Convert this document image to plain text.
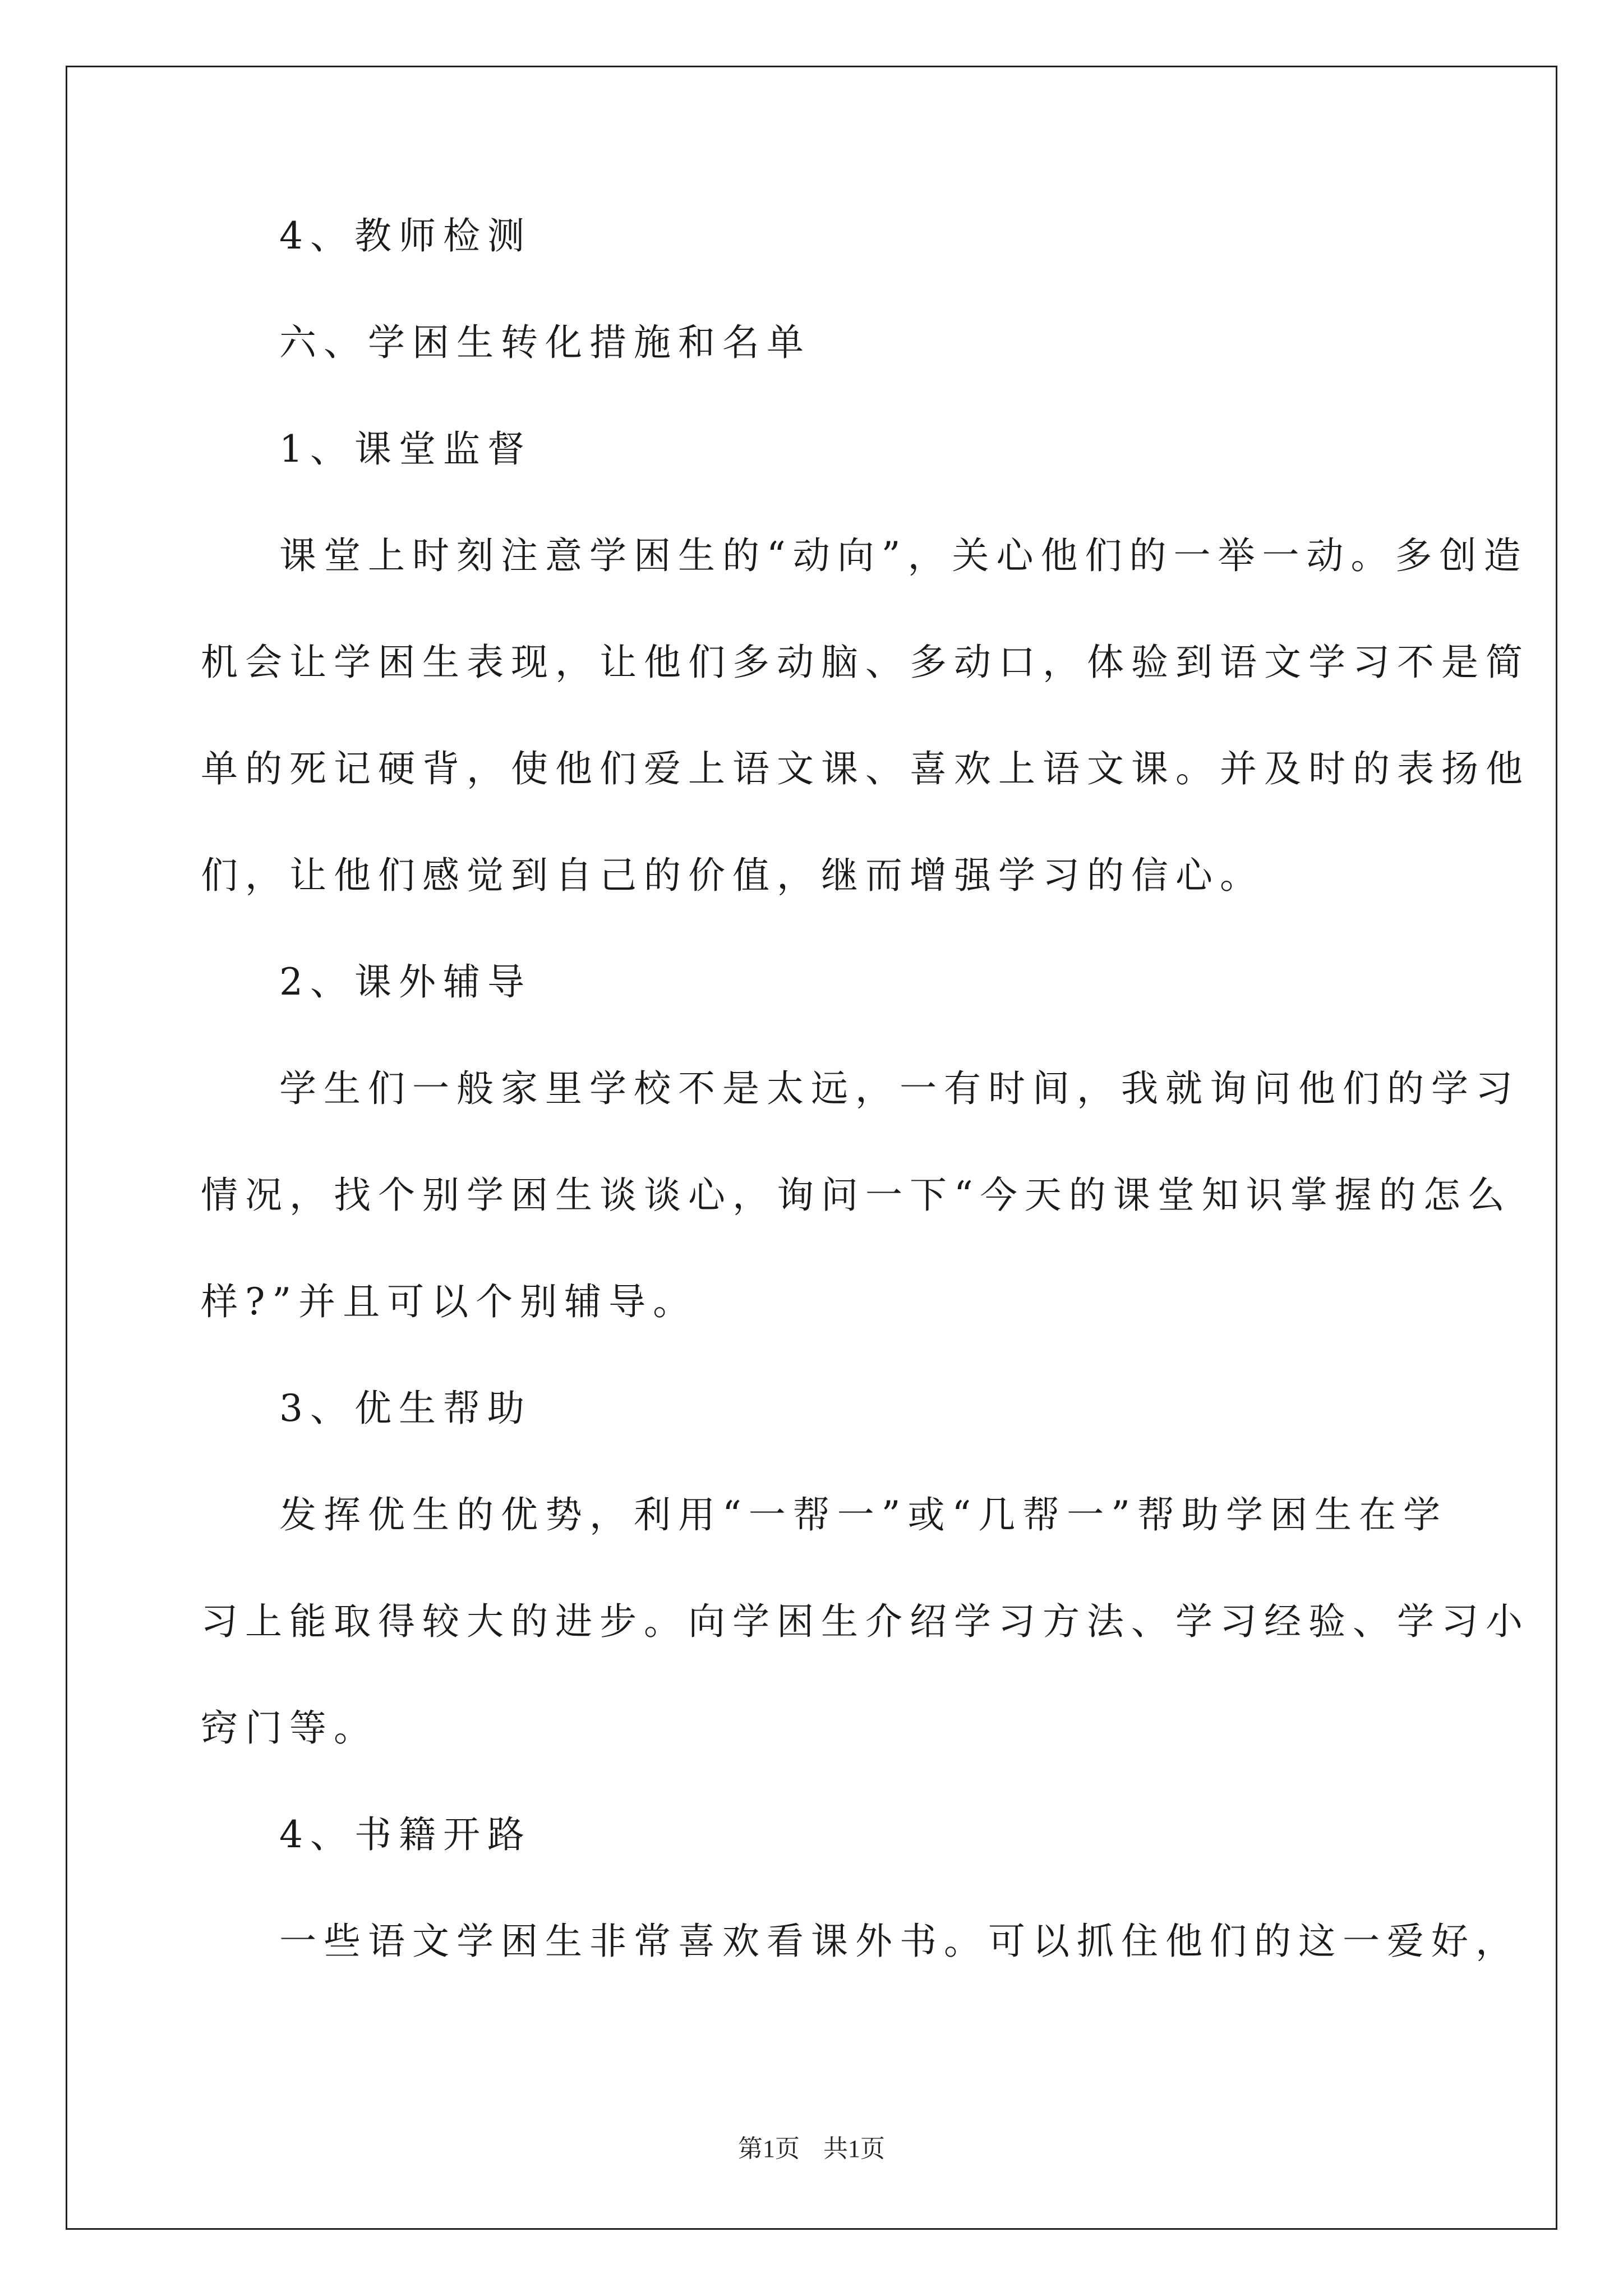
4、教师检测
六、学困生转化措施和名单
1、课堂监督
课堂上时刻注意学困生的“动向”，关心他们的一举一动。多创造
机会让学困生表现，让他们多动脑、多动口，体验到语文学习不是简
单的死记硬背，使他们爱上语文课、喜欢上语文课。并及时的表扬他
们，让他们感觉到自己的价值，继而增强学习的信心。
2、课外辅导
学生们一般家里学校不是太远，一有时间，我就询问他们的学习
情况，找个别学困生谈谈心，询问一下“今天的课堂知识掌握的怎么
样?”并且可以个别辅导。
3、优生帮助
发挥优生的优势，利用“一帮一”或“几帮一”帮助学困生在学
习上能取得较大的进步。向学困生介绍学习方法、学习经验、学习小
窍门等。
4、书籍开路
一些语文学困生非常喜欢看课外书。可以抓住他们的这一爱好，
第1页 共1页
